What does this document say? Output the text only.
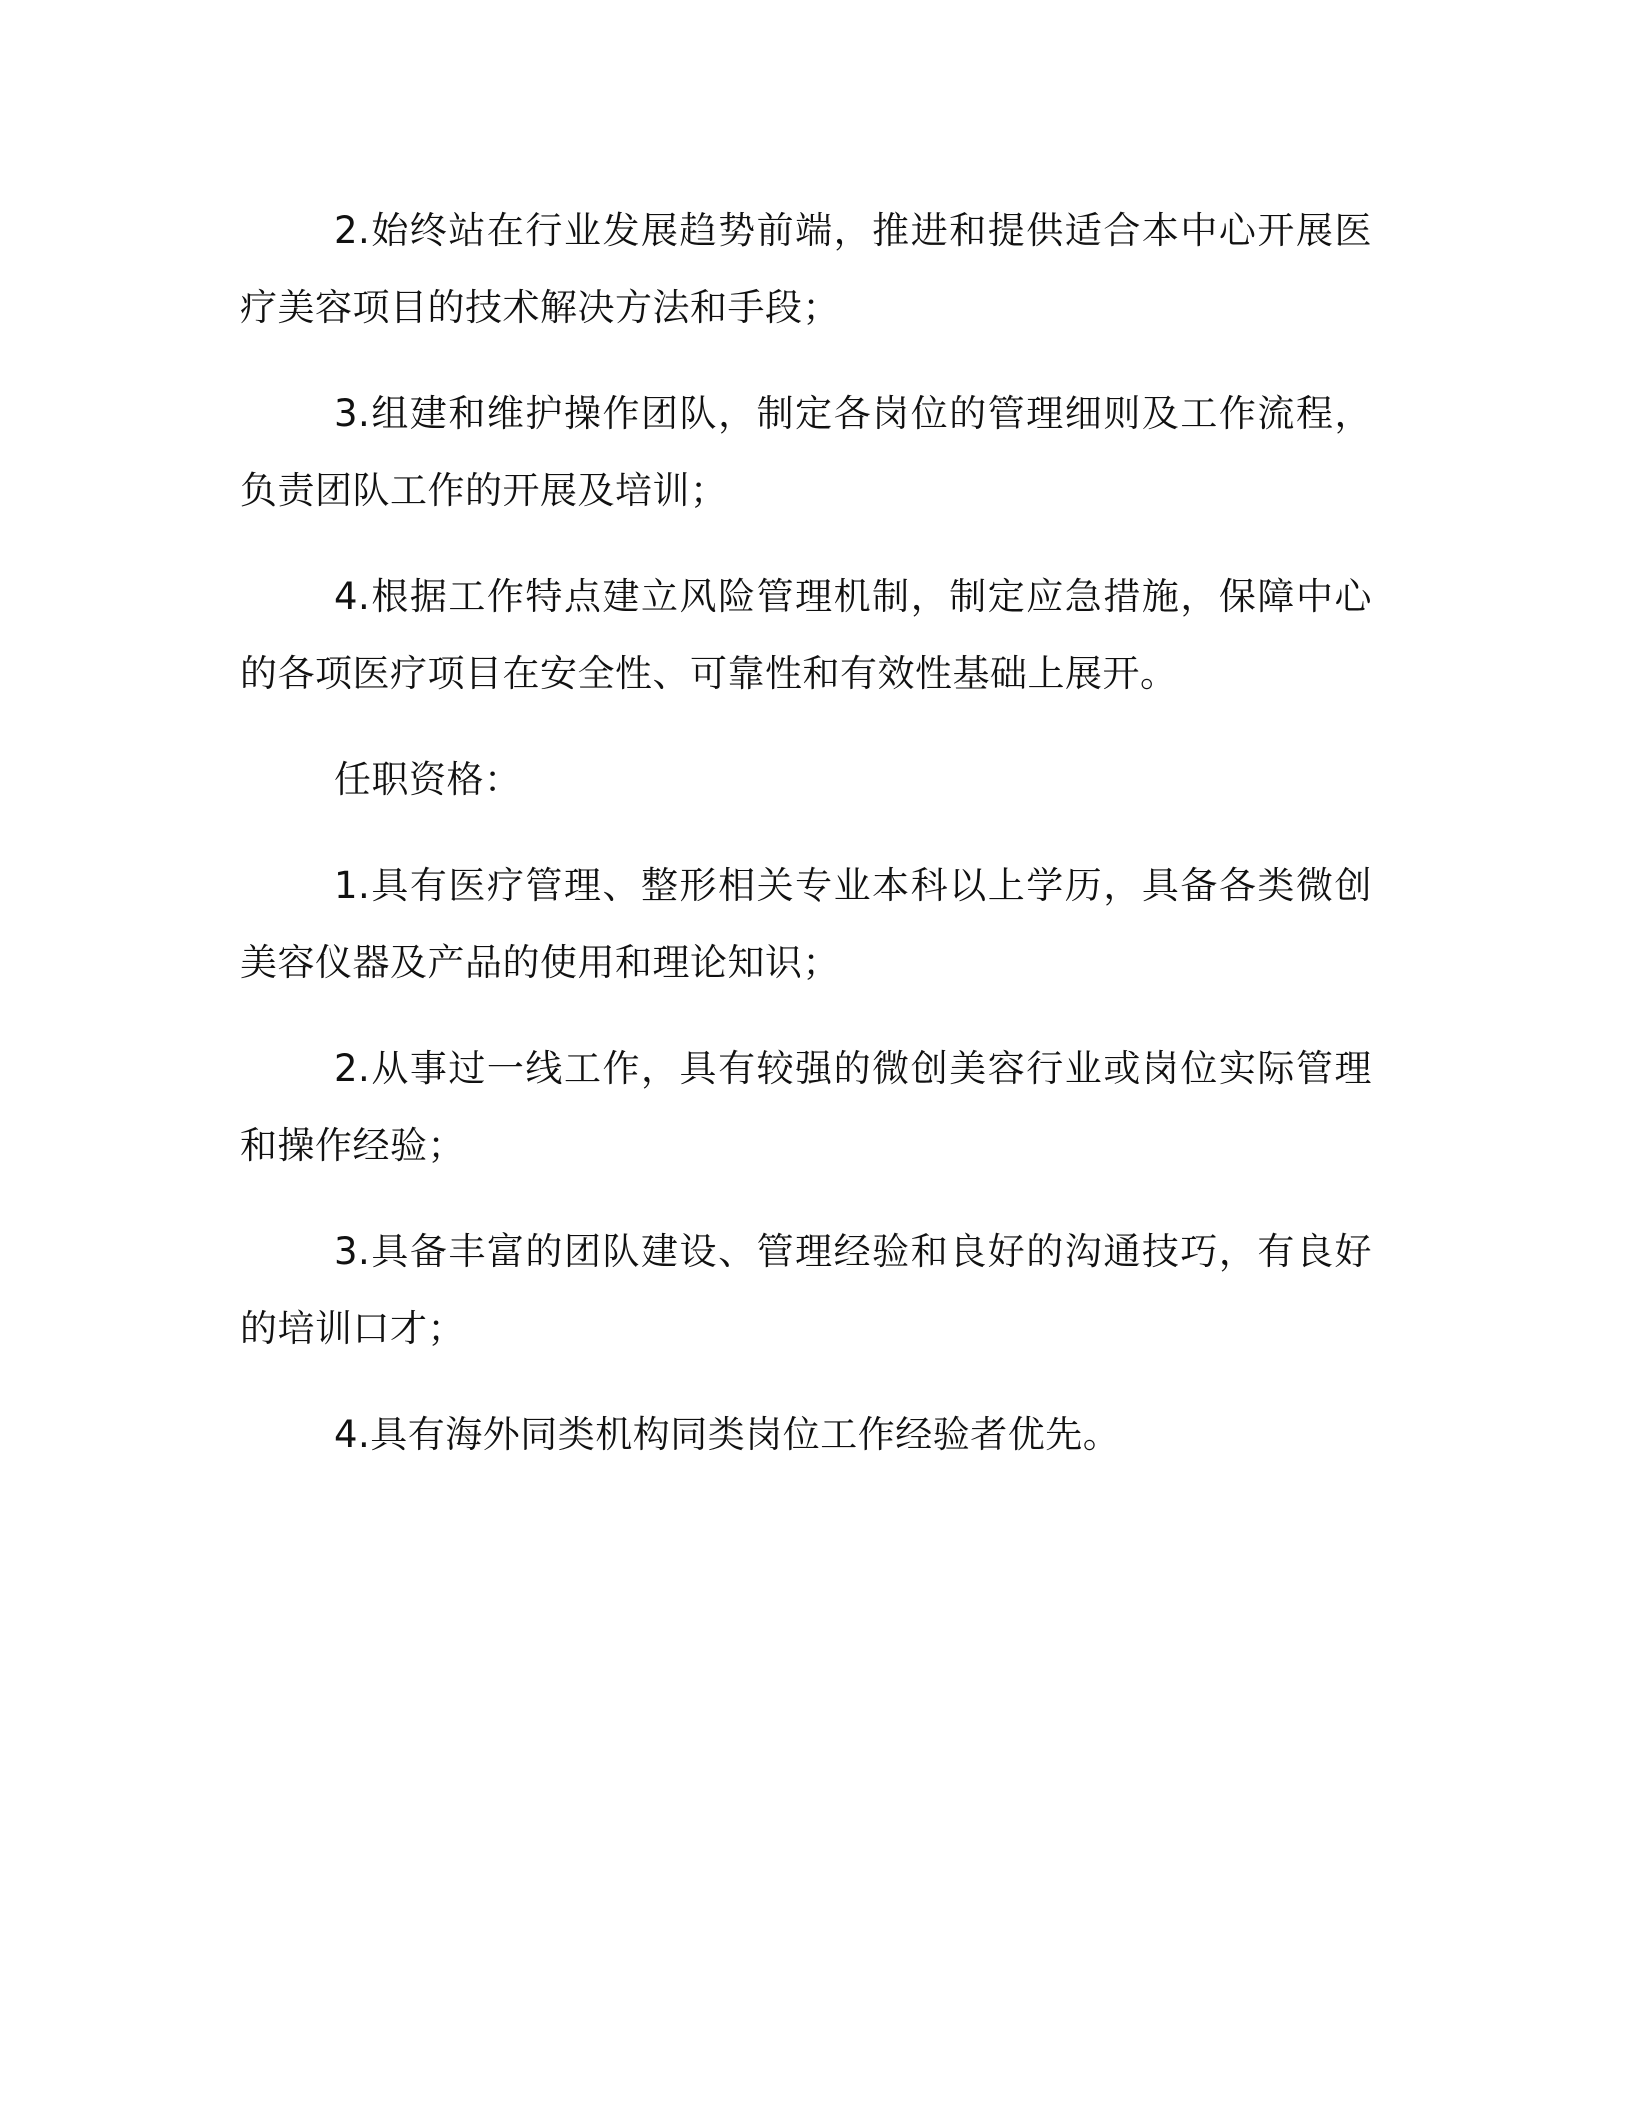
2.始终站在行业发展趋势前端，推进和提供适合本中心开展医疗美容项目的技术解决方法和手段；

3.组建和维护操作团队，制定各岗位的管理细则及工作流程，负责团队工作的开展及培训；

4.根据工作特点建立风险管理机制，制定应急措施，保障中心的各项医疗项目在安全性、可靠性和有效性基础上展开。

任职资格：

1.具有医疗管理、整形相关专业本科以上学历，具备各类微创美容仪器及产品的使用和理论知识；

2.从事过一线工作，具有较强的微创美容行业或岗位实际管理和操作经验；

3.具备丰富的团队建设、管理经验和良好的沟通技巧，有良好的培训口才；

4.具有海外同类机构同类岗位工作经验者优先。
